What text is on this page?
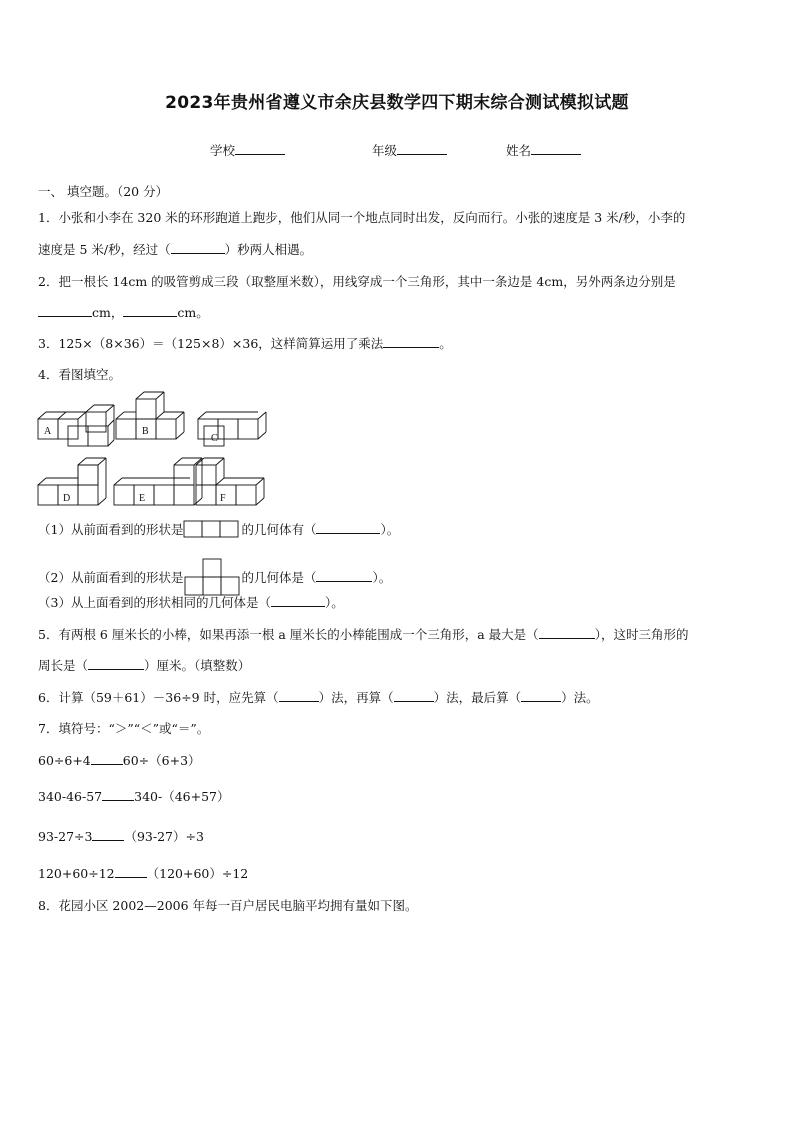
2023年贵州省遵义市余庆县数学四下期末综合测试模拟试题
学校	年级	姓名
一、 填空题。（20 分）
1．小张和小李在 320 米的环形跑道上跑步，他们从同一个地点同时出发，反向而行。小张的速度是 3 米/秒，小李的
速度是 5 米/秒，经过（	）秒两人相遇。
2．把一根长 14cm 的吸管剪成三段（取整厘米数），用线穿成一个三角形，其中一条边是 4cm，另外两条边分别是
cm，	cm。
3．125×（8×36）＝（125×8）×36，这样简算运用了乘法	。
4．看图填空。
A	B
C
D	E	F
（1）从前面看到的形状是	的几何体有（	）。
（2）从前面看到的形状是	的几何体是（	）。
（3）从上面看到的形状相同的几何体是（	）。
5．有两根 6 厘米长的小棒，如果再添一根 a 厘米长的小棒能围成一个三角形，a 最大是（	），这时三角形的
周长是（	）厘米。（填整数）
6．计算（59＋61）－36÷9 时，应先算（	）法，再算（	）法，最后算（	）法。
7．填符号：“＞”“＜”或“＝”。
60÷6+4	60÷（6+3）
340-46-57	340-（46+57）
93-27÷3	（93-27）÷3
120+60÷12	（120+60）÷12
8．花园小区 2002—2006 年每一百户居民电脑平均拥有量如下图。
